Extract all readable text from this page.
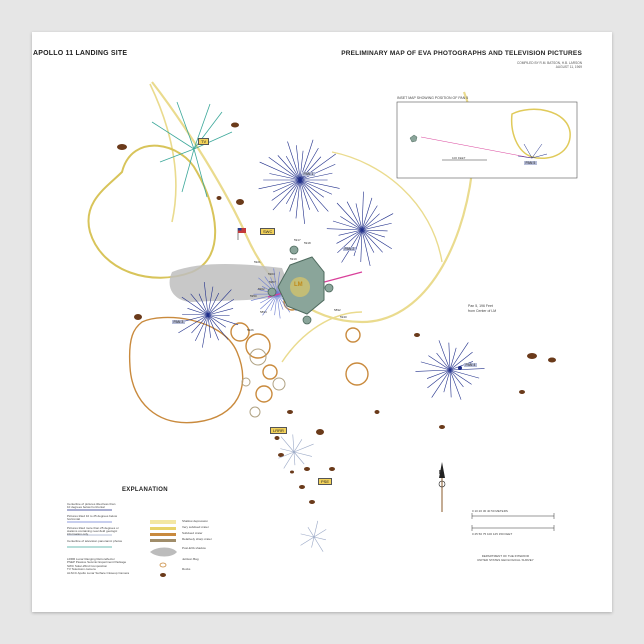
APOLLO 11 LANDING SITE	PRELIMINARY MAP OF EVA PHOTOGRAPHS AND TELEVISION PICTURES
COMPILED BY R.M. BATSON, H.B. LARSON
AUGUST 11, 1969
TV
SWC
LRRR
PSE
LM
PAN 1
PAN 2
PAN 3
PAN 4
PAN 5
Pan 5, 196 Feet
from Center of LM
INSET MAP SHOWING POSITION OF PAN 5
100 FEET
5917
5918
5919
5903
5892
5957
5950
5894
5921
5940
5902
5926
N
0 10 20 30 40 50 METERS
0 25 50 75 100 125 150 FEET
EXPLANATION
Centerline of pictures tilted less than
10 degrees below horizontal
Pictures tilted 10 to 25 degrees below
horizontal
Pictures tilted more than 25 degrees or
stations containing near-field geologic
information only
Centerline of television panoramic photos
LRRR Lunar Ranging Retroreflector
PSEP Passive Seismic Experiment Package
SWC Solar-Wind Composition
TV Television camera
ALSCC Apollo Lunar Surface Closeup Camera
Shallow depression
Very subdued crater
Subdued crater
Relatively sharp crater
Post-EVA shadow
Jettison Bag
Rocks
DEPARTMENT OF THE INTERIOR
UNITED STATES GEOLOGICAL SURVEY
